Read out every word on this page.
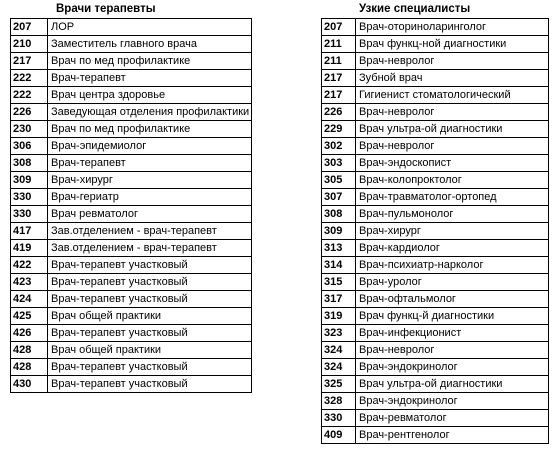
Врачи терапевты
207	ЛОР
210	Заместитель главного врача
217	Врач по мед профилактике
222	Врач-терапевт
222	Врач центра здоровье
226	Заведующая отделения профилактики
230	Врач по мед профилактике
306	Врач-эпидемиолог
308	Врач-терапевт
309	Врач-хирург
330	Врач-гериатр
330	Врач ревматолог
417	Зав.отделением - врач-терапевт
419	Зав.отделением - врач-терапевт
422	Врач-терапевт участковый
423	Врач-терапевт участковый
424	Врач-терапевт участковый
425	Врач общей практики
426	Врач-терапевт участковый
428	Врач общей практики
428	Врач-терапевт участковый
430	Врач-терапевт участковый
Узкие специалисты
207	Врач-оториноларинголог
211	Врач функц-ной диагностики
211	Врач-невролог
217	Зубной врач
217	Гигиенист стоматологический
226	Врач-невролог
229	Врач ультра-ой диагностики
302	Врач-невролог
303	Врач-эндоскопист
305	Врач-колопроктолог
307	Врач-травматолог-ортопед
308	Врач-пульмонолог
309	Врач-хирург
313	Врач-кардиолог
314	Врач-психиатр-нарколог
315	Врач-уролог
317	Врач-офтальмолог
319	Врач функц-й диагностики
323	Врач-инфекционист
324	Врач-невролог
324	Врач-эндокринолог
325	Врач ультра-ой диагностики
328	Врач-эндокринолог
330	Врач-ревматолог
409	Врач-рентгенолог
